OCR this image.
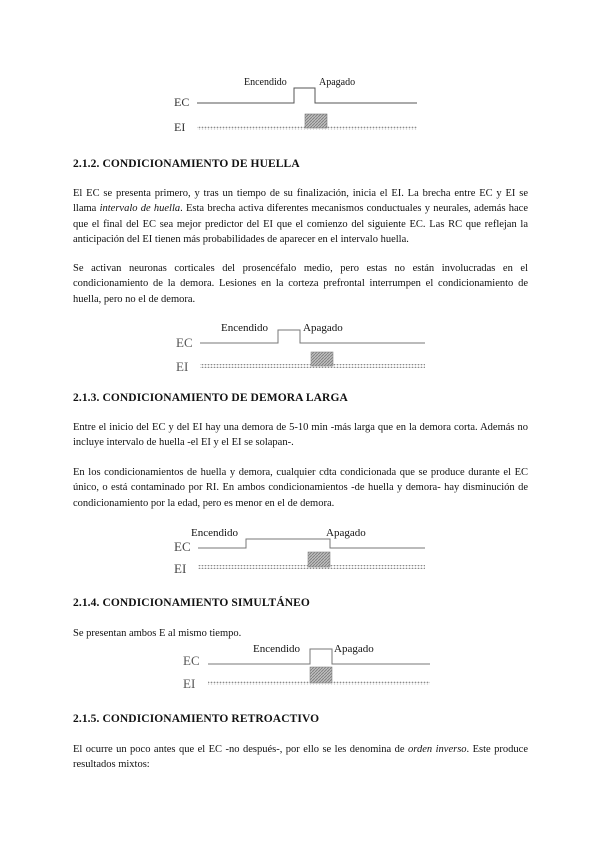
Encendido	Apagado
EC
EI
2.1.2. CONDICIONAMIENTO DE HUELLA
El EC se presenta primero, y tras un tiempo de su finalización, inicia el EI. La brecha entre EC y EI se llama intervalo de huella. Esta brecha activa diferentes mecanismos conductuales y neurales, además hace que el final del EC sea mejor predictor del EI que el comienzo del siguiente EC. Las RC que reflejan la anticipación del EI tienen más probabilidades de aparecer en el intervalo huella.
Se activan neuronas corticales del prosencéfalo medio, pero estas no están involucradas en el condicionamiento de la demora. Lesiones en la corteza prefrontal interrumpen el condicionamiento de huella, pero no el de demora.
Encendido	Apagado
EC
EI
2.1.3. CONDICIONAMIENTO DE DEMORA LARGA
Entre el inicio del EC y del EI hay una demora de 5-10 min -más larga que en la demora corta. Además no incluye intervalo de huella -el EI y el EI se solapan-.
En los condicionamientos de huella y demora, cualquier cdta condicionada que se produce durante el EC único, o está contaminado por RI. En ambos condicionamientos -de huella y demora- hay disminución de condicionamiento por la edad, pero es menor en el de demora.
Encendido	Apagado
EC
EI
2.1.4. CONDICIONAMIENTO SIMULTÁNEO
Se presentan ambos E al mismo tiempo.
Encendido	Apagado
EC
EI
2.1.5. CONDICIONAMIENTO RETROACTIVO
El ocurre un poco antes que el EC -no después-, por ello se les denomina de orden inverso. Este produce resultados mixtos:
